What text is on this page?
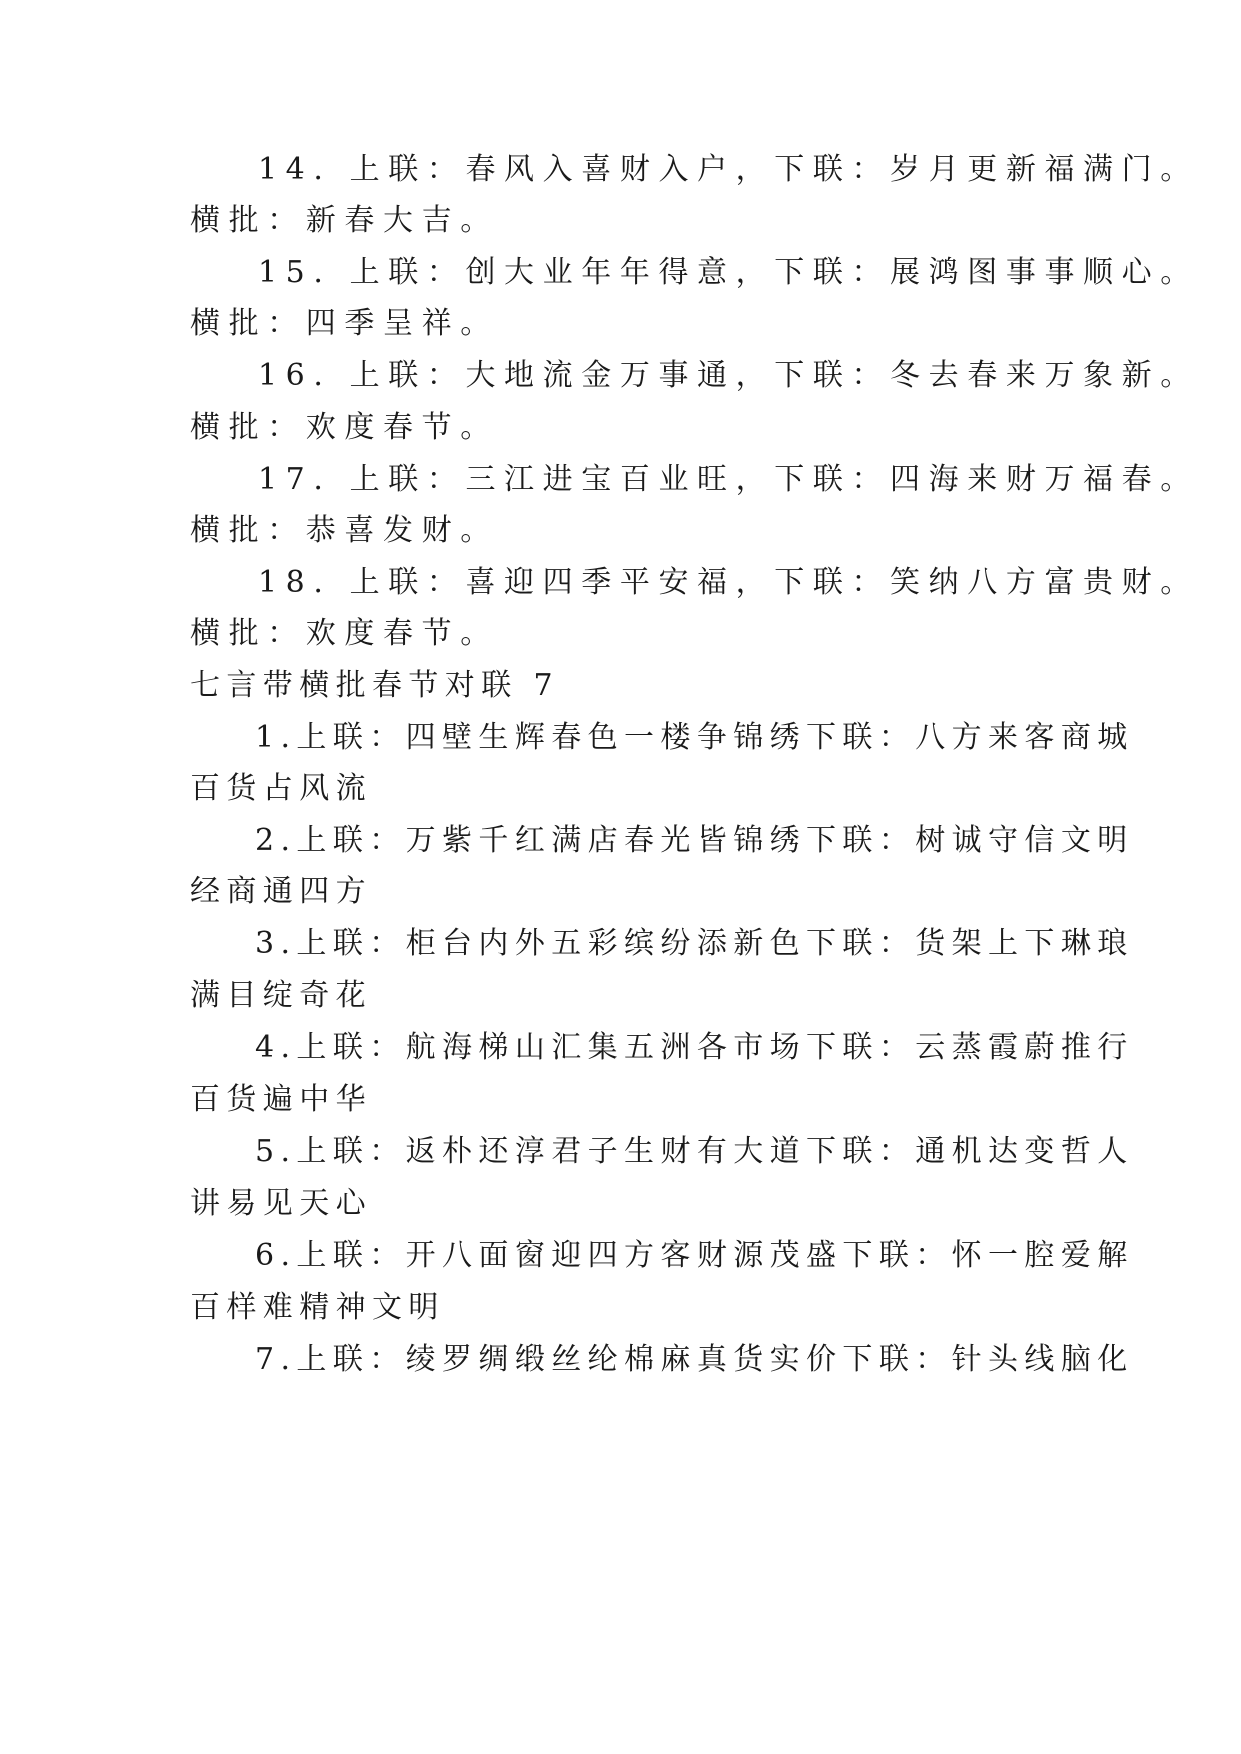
14. 上联：春风入喜财入户，下联：岁月更新福满门。
横批：新春大吉。
15. 上联：创大业年年得意，下联：展鸿图事事顺心。
横批：四季呈祥。
16. 上联：大地流金万事通，下联：冬去春来万象新。
横批：欢度春节。
17. 上联：三江进宝百业旺，下联：四海来财万福春。
横批：恭喜发财。
18. 上联：喜迎四季平安福，下联：笑纳八方富贵财。
横批：欢度春节。
七言带横批春节对联 7
1.上联：四壁生辉春色一楼争锦绣下联：八方来客商城
百货占风流
2.上联：万紫千红满店春光皆锦绣下联：树诚守信文明
经商通四方
3.上联：柜台内外五彩缤纷添新色下联：货架上下琳琅
满目绽奇花
4.上联：航海梯山汇集五洲各市场下联：云蒸霞蔚推行
百货遍中华
5.上联：返朴还淳君子生财有大道下联：通机达变哲人
讲易见天心
6.上联：开八面窗迎四方客财源茂盛下联：怀一腔爱解
百样难精神文明
7.上联：绫罗绸缎丝纶棉麻真货实价下联：针头线脑化
